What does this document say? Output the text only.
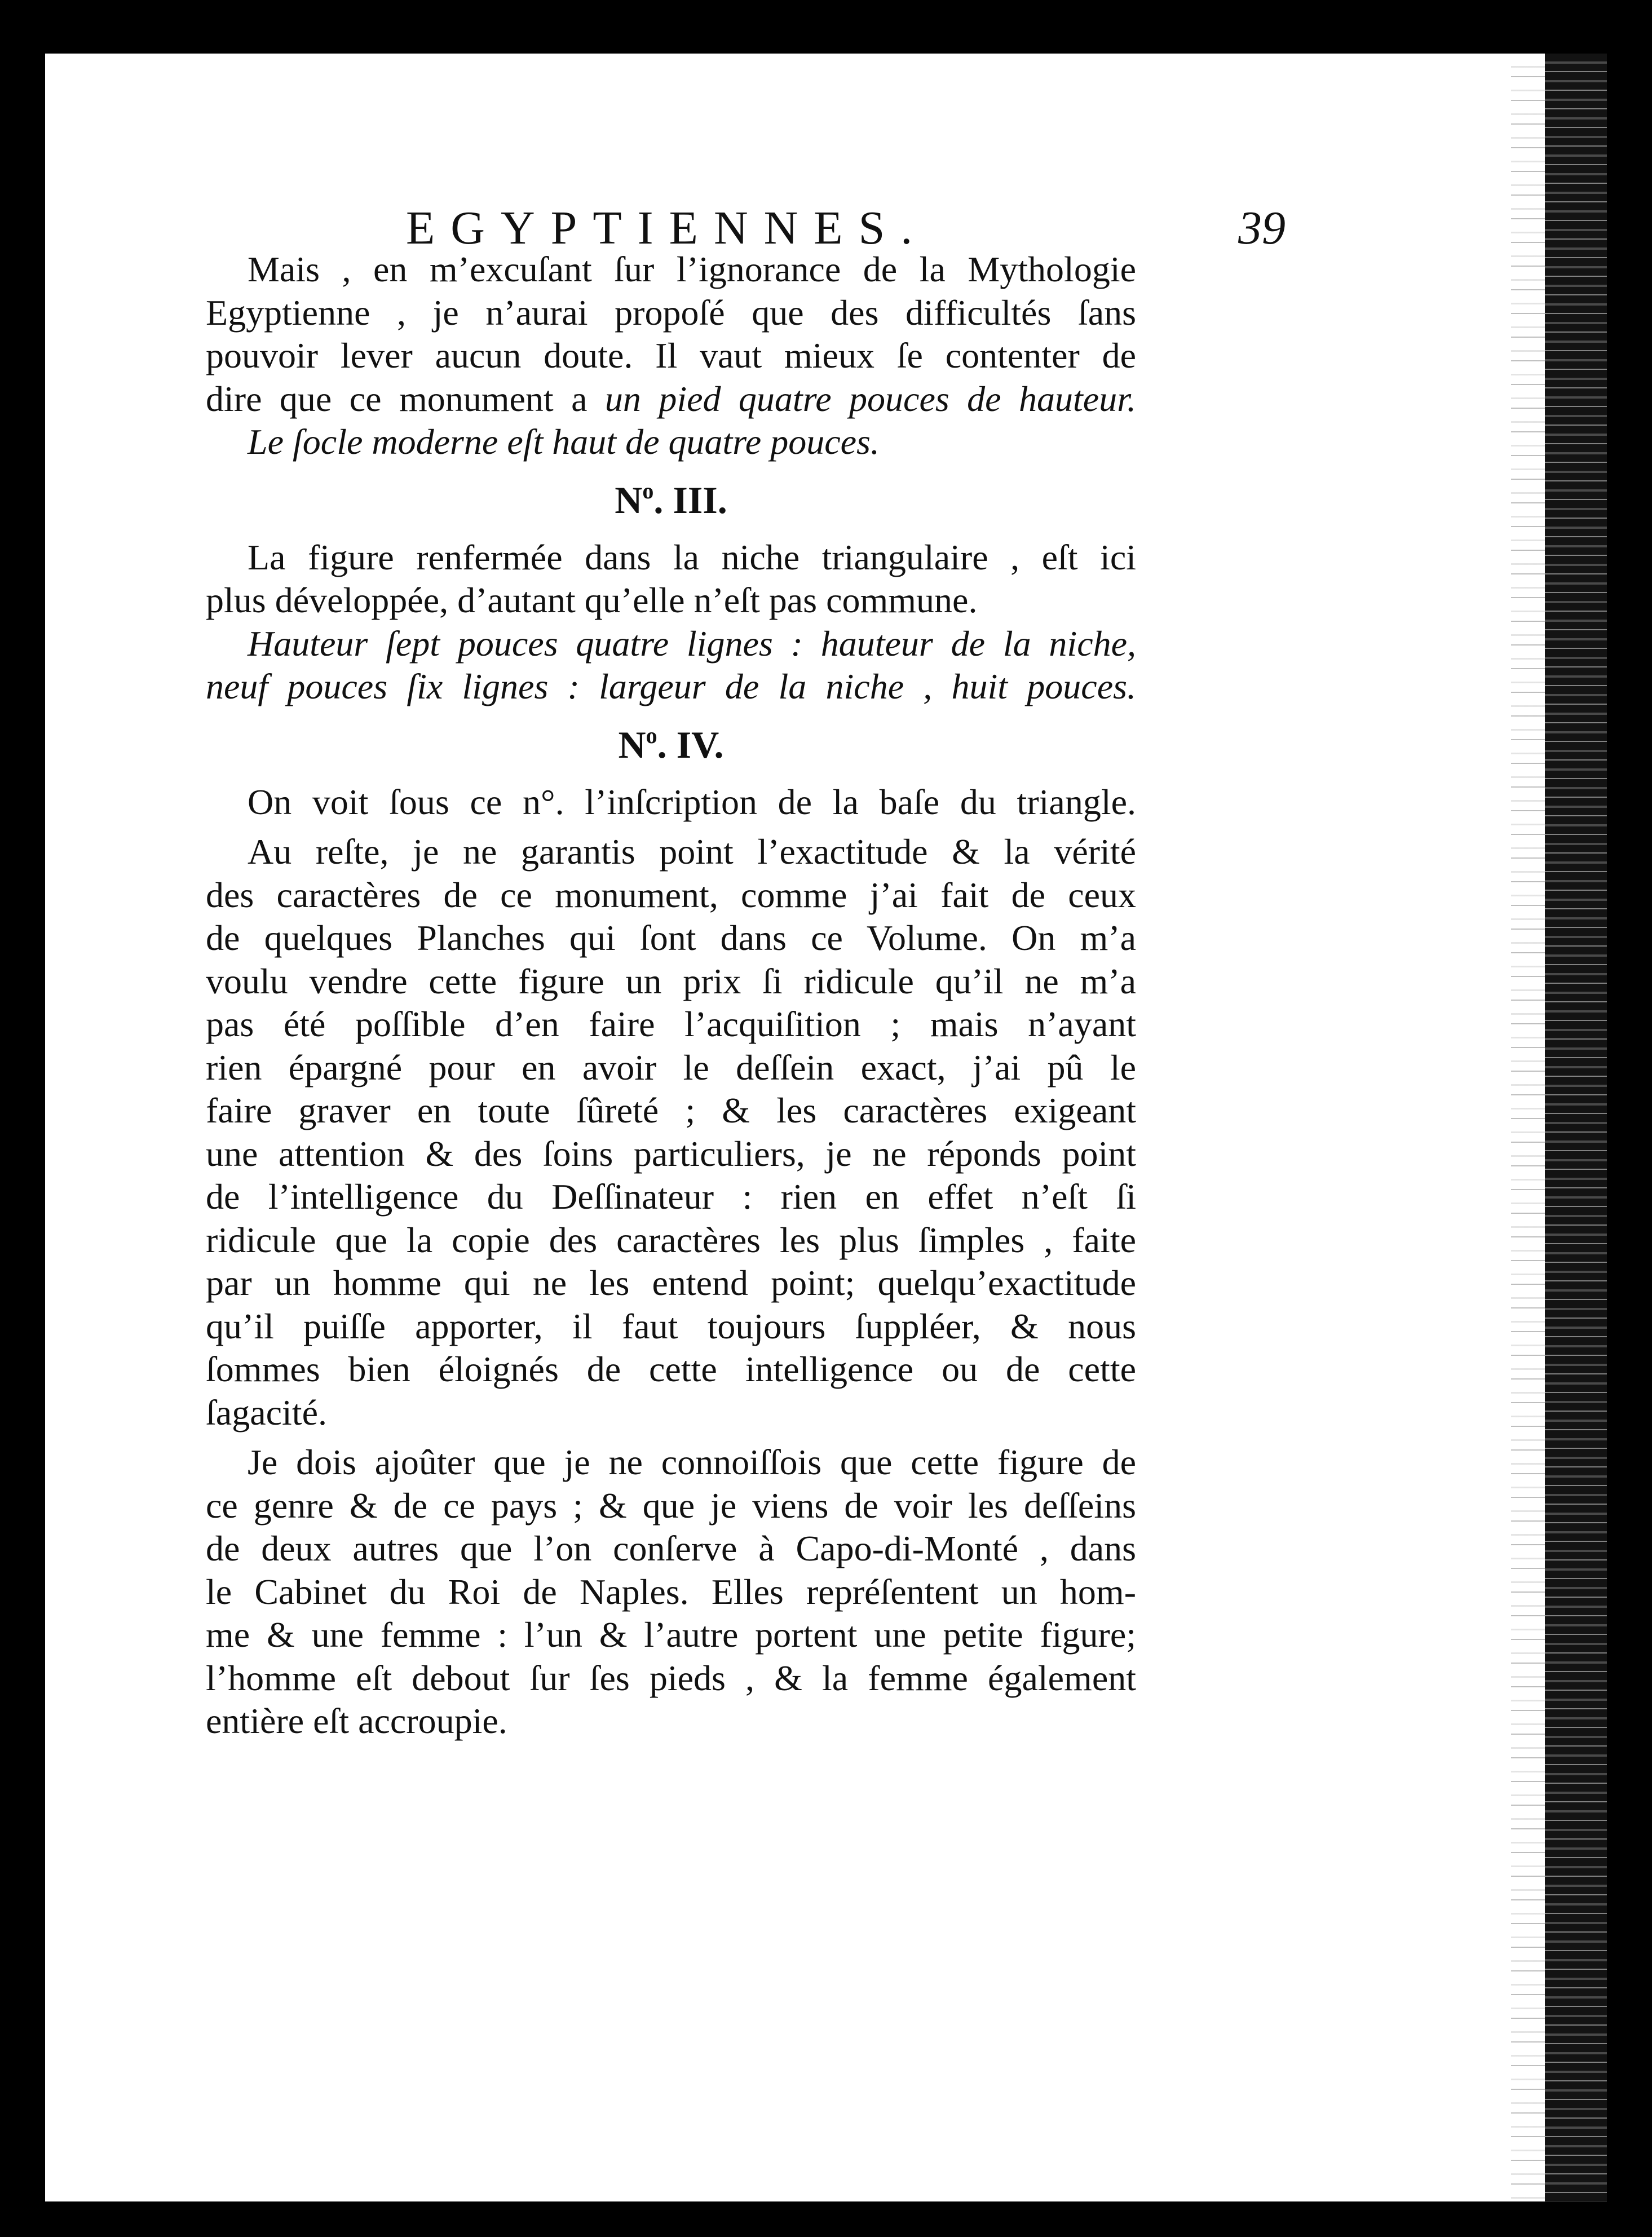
EGYPTIENNES.	39
Mais , en m’excuſant ſur l’ignorance de la Mythologie
Egyptienne , je n’aurai propoſé que des difficultés ſans
pouvoir lever aucun doute. Il vaut mieux ſe contenter de
dire que ce monument a un pied quatre pouces de hauteur.
Le ſocle moderne eſt haut de quatre pouces.
$N^o$. III.
La figure renfermée dans la niche triangulaire , eſt ici
plus développée, d’autant qu’elle n’eſt pas commune.
Hauteur ſept pouces quatre lignes : hauteur de la niche,
neuf pouces ſix lignes : largeur de la niche , huit pouces.
$N^o$. IV.
On voit ſous ce n°. l’inſcription de la baſe du triangle.
Au reſte, je ne garantis point l’exactitude & la vérité
des caractères de ce monument, comme j’ai fait de ceux
de quelques Planches qui ſont dans ce Volume. On m’a
voulu vendre cette figure un prix ſi ridicule qu’il ne m’a
pas été poſſible d’en faire l’acquiſition ; mais n’ayant
rien épargné pour en avoir le deſſein exact, j’ai pû le
faire graver en toute ſûreté ; & les caractères exigeant
une attention & des ſoins particuliers, je ne réponds point
de l’intelligence du Deſſinateur : rien en effet n’eſt ſi
ridicule que la copie des caractères les plus ſimples , faite
par un homme qui ne les entend point; quelqu’exactitude
qu’il puiſſe apporter, il faut toujours ſuppléer, & nous
ſommes bien éloignés de cette intelligence ou de cette
ſagacité.
Je dois ajoûter que je ne connoiſſois que cette figure de
ce genre & de ce pays ; & que je viens de voir les deſſeins
de deux autres que l’on conſerve à Capo-di-Monté , dans
le Cabinet du Roi de Naples. Elles repréſentent un hom-
me & une femme : l’un & l’autre portent une petite figure;
l’homme eſt debout ſur ſes pieds , & la femme également
entière eſt accroupie.
